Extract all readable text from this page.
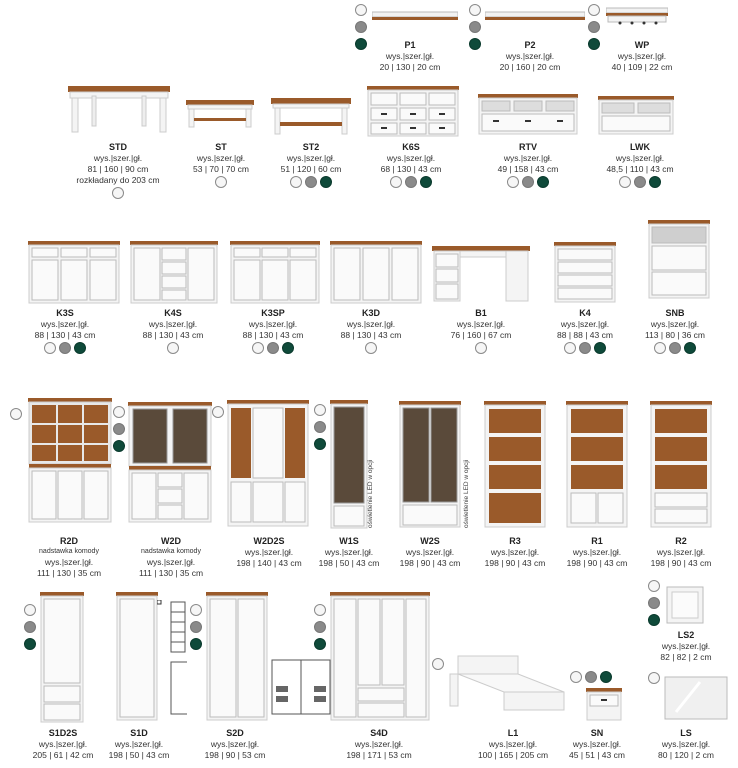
P1
wys.|szer.|gł.
20 | 130 | 20 cm
P2
wys.|szer.|gł.
20 | 160 | 20 cm
WP
wys.|szer.|gł.
40 | 109 | 22 cm
STD
wys.|szer.|gł.
81 | 160 | 90 cm
rozkładany do 203 cm
ST
wys.|szer.|gł.
53 | 70 | 70 cm
ST2
wys.|szer.|gł.
51 | 120 | 60 cm
K6S
wys.|szer.|gł.
68 | 130 | 43 cm
RTV
wys.|szer.|gł.
49 | 158 | 43 cm
LWK
wys.|szer.|gł.
48,5 | 110 | 43 cm
K3S
wys.|szer.|gł.
88 | 130 | 43 cm
K4S
wys.|szer.|gł.
88 | 130 | 43 cm
K3SP
wys.|szer.|gł.
88 | 130 | 43 cm
K3D
wys.|szer.|gł.
88 | 130 | 43 cm
B1
wys.|szer.|gł.
76 | 160 | 67 cm
K4
wys.|szer.|gł.
88 | 88 | 43 cm
SNB
wys.|szer.|gł.
113 | 80 | 36 cm
R2D
nadstawka komody
wys.|szer.|gł.
111 | 130 | 35 cm
W2D
nadstawka komody
wys.|szer.|gł.
111 | 130 | 35 cm
W2D2S
wys.|szer.|gł.
198 | 140 | 43 cm
oświetlenie LED w opcji
W1S
wys.|szer.|gł.
198 | 50 | 43 cm
oświetlenie LED w opcji
W2S
wys.|szer.|gł.
198 | 90 | 43 cm
R3
wys.|szer.|gł.
198 | 90 | 43 cm
R1
wys.|szer.|gł.
198 | 90 | 43 cm
R2
wys.|szer.|gł.
198 | 90 | 43 cm
S1D2S
wys.|szer.|gł.
205 | 61 | 42 cm
S1D
wys.|szer.|gł.
198 | 50 | 43 cm
S2D
wys.|szer.|gł.
198 | 90 | 53 cm
S4D
wys.|szer.|gł.
198 | 171 | 53 cm
L1
wys.|szer.|gł.
100 | 165 | 205 cm
SN
wys.|szer.|gł.
45 | 51 | 43 cm
LS2
wys.|szer.|gł.
82 | 82 | 2 cm
LS
wys.|szer.|gł.
80 | 120 | 2 cm
